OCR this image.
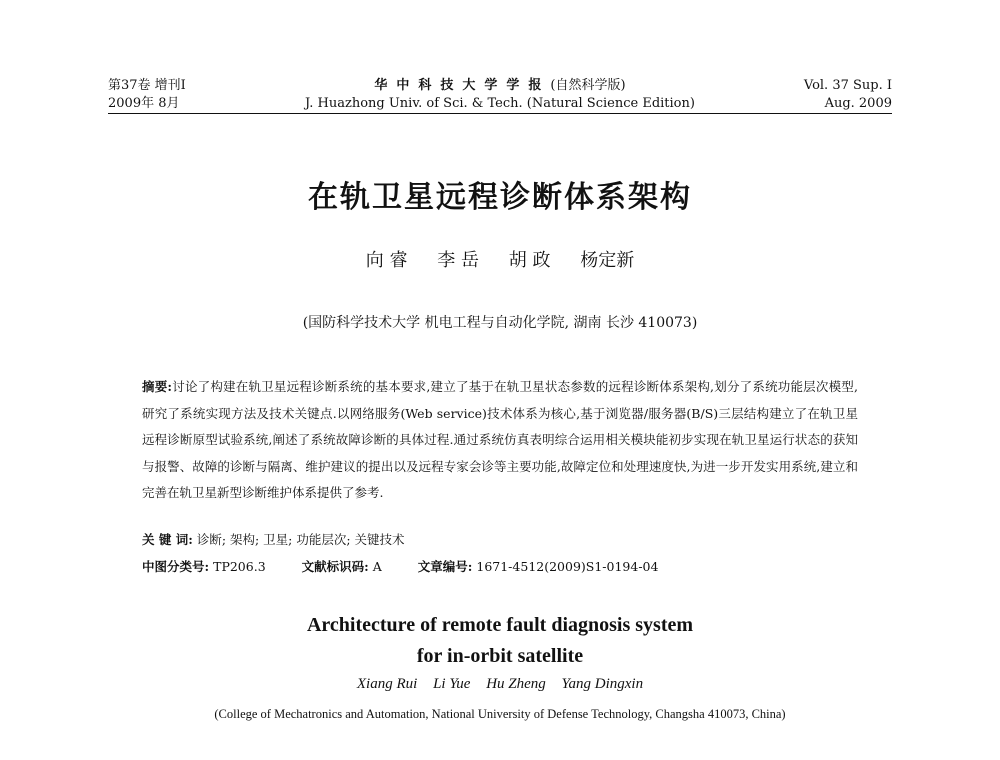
第37卷 增刊Ⅰ	华中科技大学学报(自然科学版)	Vol. 37 Sup. Ⅰ
2009年 8月	J. Huazhong Univ. of Sci. & Tech. (Natural Science Edition)	Aug. 2009
在轨卫星远程诊断体系架构
向 睿 李 岳 胡 政 杨定新
(国防科学技术大学 机电工程与自动化学院, 湖南 长沙 410073)
摘要:讨论了构建在轨卫星远程诊断系统的基本要求,建立了基于在轨卫星状态参数的远程诊断体系架构,划分了系统功能层次模型,研究了系统实现方法及技术关键点.以网络服务(Web service)技术体系为核心,基于浏览器/服务器(B/S)三层结构建立了在轨卫星远程诊断原型试验系统,阐述了系统故障诊断的具体过程.通过系统仿真表明综合运用相关模块能初步实现在轨卫星运行状态的获知与报警、故障的诊断与隔离、维护建议的提出以及远程专家会诊等主要功能,故障定位和处理速度快,为进一步开发实用系统,建立和完善在轨卫星新型诊断维护体系提供了参考.
关 键 词: 诊断; 架构; 卫星; 功能层次; 关键技术
中图分类号: TP206.3	文献标识码: A	文章编号: 1671-4512(2009)S1-0194-04
Architecture of remote fault diagnosis system
for in-orbit satellite
Xiang Rui Li Yue Hu Zheng Yang Dingxin
(College of Mechatronics and Automation, National University of Defense Technology, Changsha 410073, China)
